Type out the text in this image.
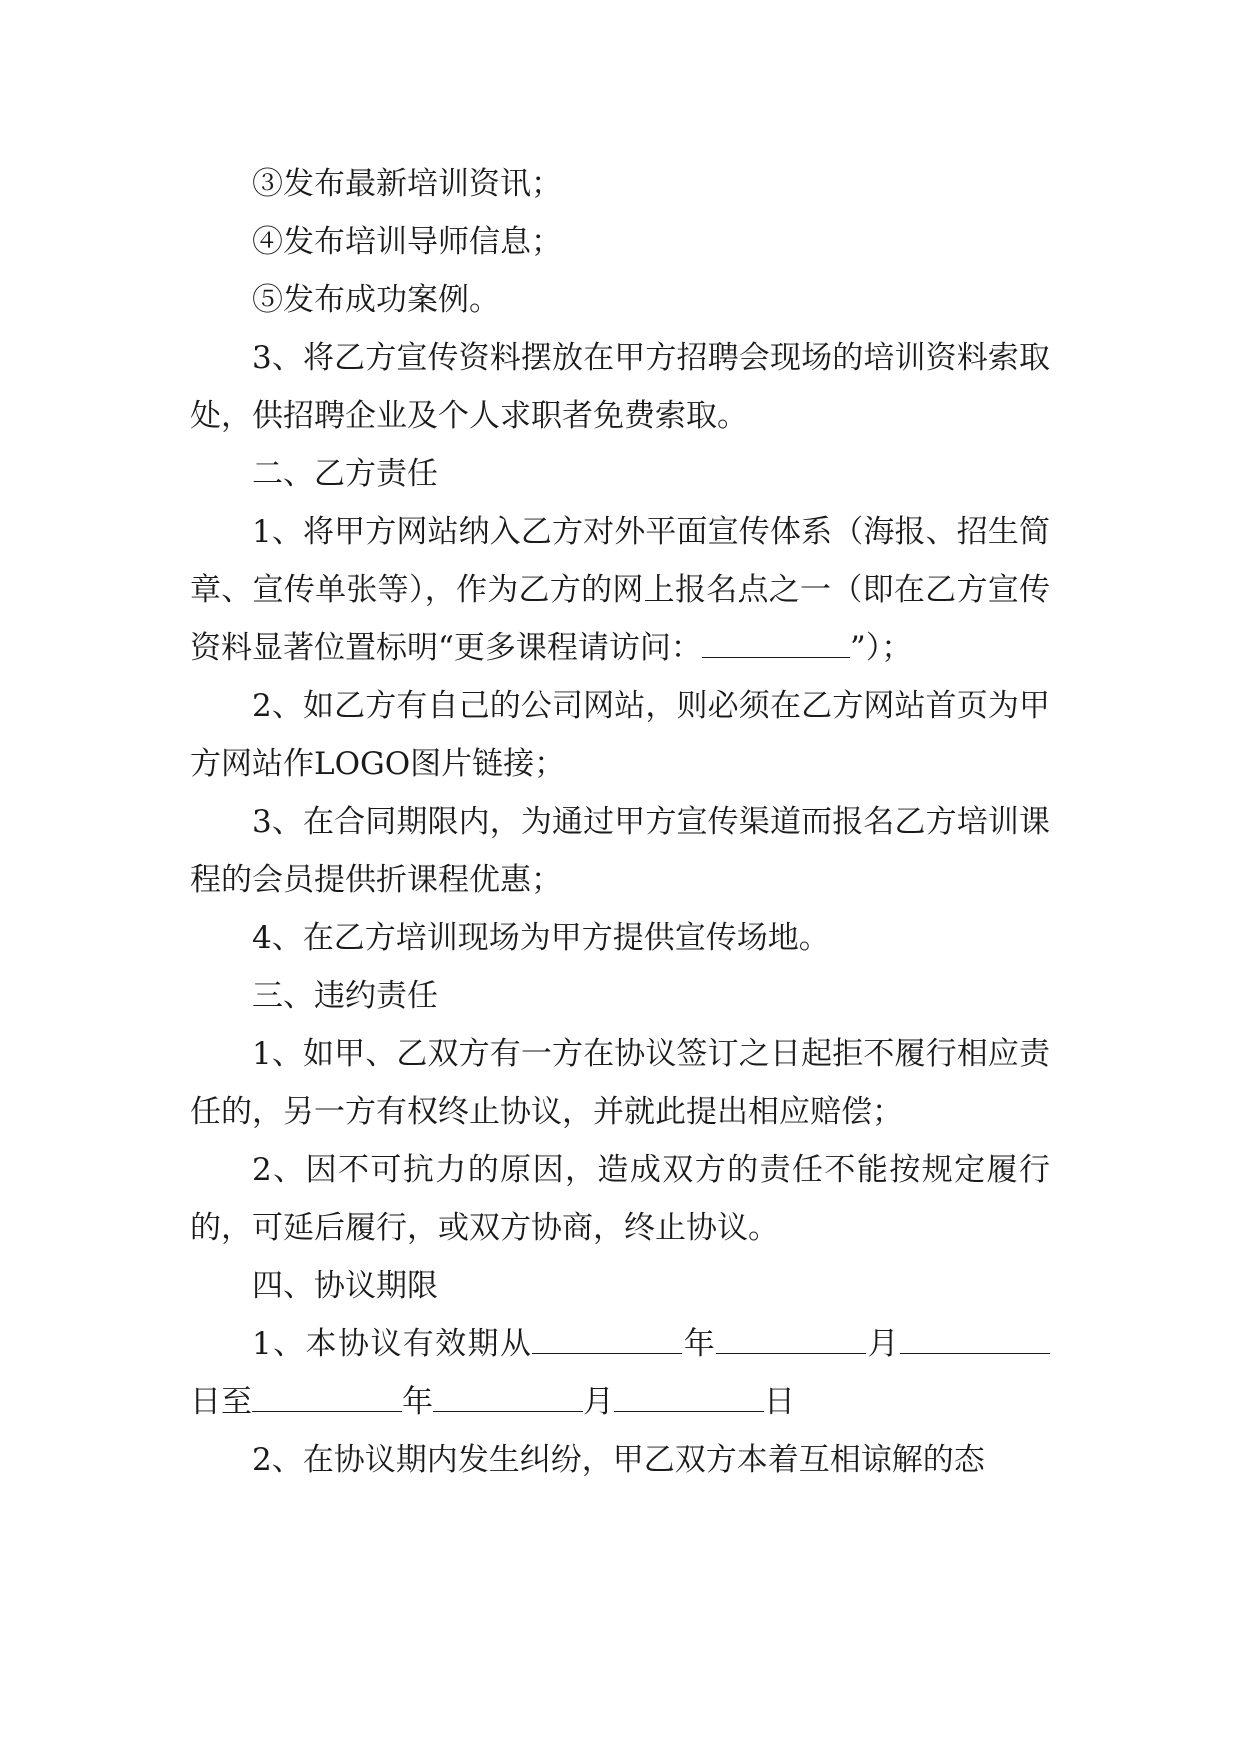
③发布最新培训资讯；

④发布培训导师信息；

⑤发布成功案例。

3、将乙方宣传资料摆放在甲方招聘会现场的培训资料索取处，供招聘企业及个人求职者免费索取。

二、乙方责任

1、将甲方网站纳入乙方对外平面宣传体系（海报、招生简章、宣传单张等），作为乙方的网上报名点之一（即在乙方宣传资料显著位置标明“更多课程请访问：	”）；

2、如乙方有自己的公司网站，则必须在乙方网站首页为甲方网站作LOGO图片链接；

3、在合同期限内，为通过甲方宣传渠道而报名乙方培训课程的会员提供折课程优惠；

4、在乙方培训现场为甲方提供宣传场地。

三、违约责任

1、如甲、乙双方有一方在协议签订之日起拒不履行相应责任的，另一方有权终止协议，并就此提出相应赔偿；

2、因不可抗力的原因，造成双方的责任不能按规定履行的，可延后履行，或双方协商，终止协议。

四、协议期限

1、本协议有效期从	年	月日至	年	月	日

2、在协议期内发生纠纷，甲乙双方本着互相谅解的态
